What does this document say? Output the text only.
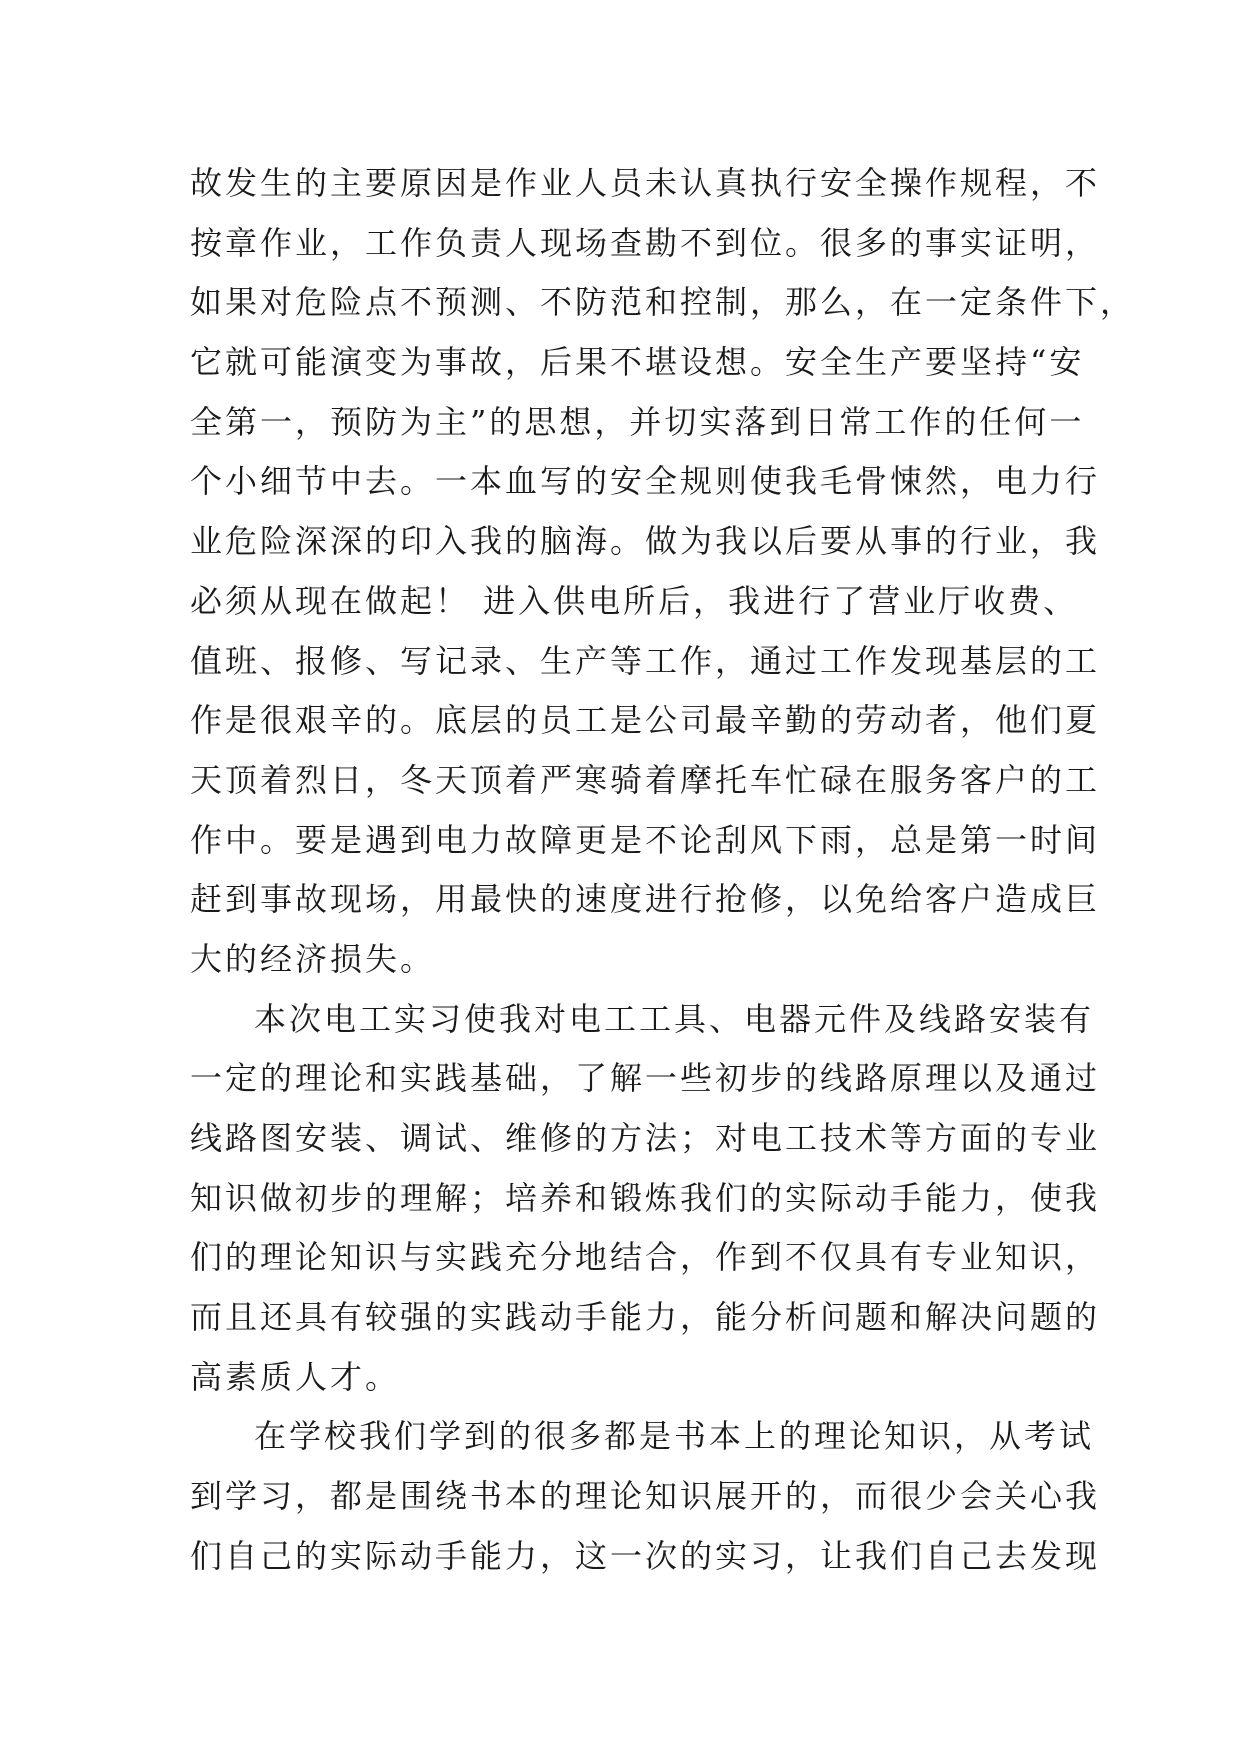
故发生的主要原因是作业人员未认真执行安全操作规程，不
按章作业，工作负责人现场查勘不到位。很多的事实证明，
如果对危险点不预测、不防范和控制，那么，在一定条件下，
它就可能演变为事故，后果不堪设想。安全生产要坚持“安
全第一，预防为主”的思想，并切实落到日常工作的任何一
个小细节中去。一本血写的安全规则使我毛骨悚然，电力行
业危险深深的印入我的脑海。做为我以后要从事的行业，我
必须从现在做起！ 进入供电所后，我进行了营业厅收费、
值班、报修、写记录、生产等工作，通过工作发现基层的工
作是很艰辛的。底层的员工是公司最辛勤的劳动者，他们夏
天顶着烈日，冬天顶着严寒骑着摩托车忙碌在服务客户的工
作中。要是遇到电力故障更是不论刮风下雨，总是第一时间
赶到事故现场，用最快的速度进行抢修，以免给客户造成巨
大的经济损失。
本次电工实习使我对电工工具、电器元件及线路安装有
一定的理论和实践基础，了解一些初步的线路原理以及通过
线路图安装、调试、维修的方法；对电工技术等方面的专业
知识做初步的理解；培养和锻炼我们的实际动手能力，使我
们的理论知识与实践充分地结合，作到不仅具有专业知识，
而且还具有较强的实践动手能力，能分析问题和解决问题的
高素质人才。
在学校我们学到的很多都是书本上的理论知识，从考试
到学习，都是围绕书本的理论知识展开的，而很少会关心我
们自己的实际动手能力，这一次的实习，让我们自己去发现
